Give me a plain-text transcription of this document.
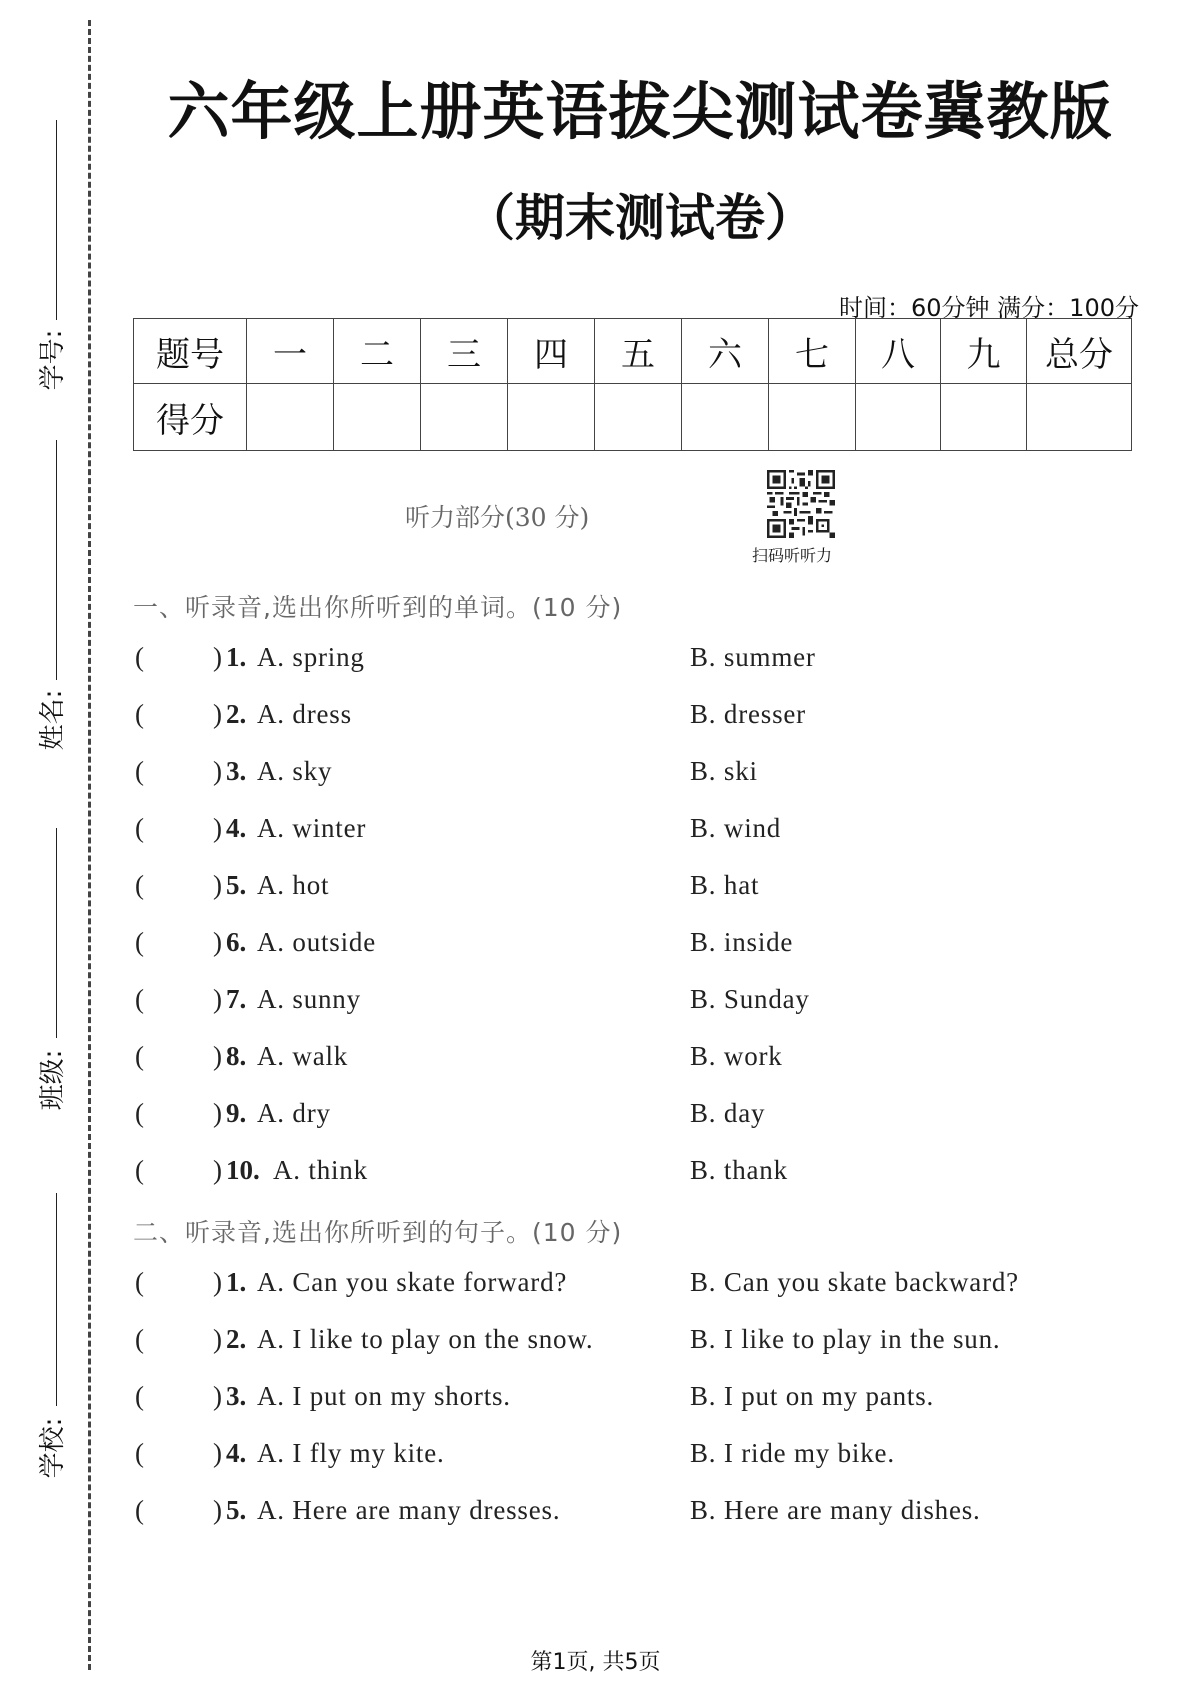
学号:
姓名:
班级:
学校:
六年级上册英语拔尖测试卷冀教版
（期末测试卷）
时间：60分钟 满分：100分
题号	一	二	三	四	五	六	七	八	九	总分
得分										
听力部分(30 分)
扫码听听力
一、听录音,选出你所听到的单词。(10 分)
(	) 1. A. spring	B. summer
(	) 2. A. dress	B. dresser
(	) 3. A. sky	B. ski
(	) 4. A. winter	B. wind
(	) 5. A. hot	B. hat
(	) 6. A. outside	B. inside
(	) 7. A. sunny	B. Sunday
(	) 8. A. walk	B. work
(	) 9. A. dry	B. day
(	) 10. A. think	B. thank
二、听录音,选出你所听到的句子。(10 分)
(	) 1. A. Can you skate forward?	B. Can you skate backward?
(	) 2. A. I like to play on the snow.	B. I like to play in the sun.
(	) 3. A. I put on my shorts.	B. I put on my pants.
(	) 4. A. I fly my kite.	B. I ride my bike.
(	) 5. A. Here are many dresses.	B. Here are many dishes.
第1页, 共5页
